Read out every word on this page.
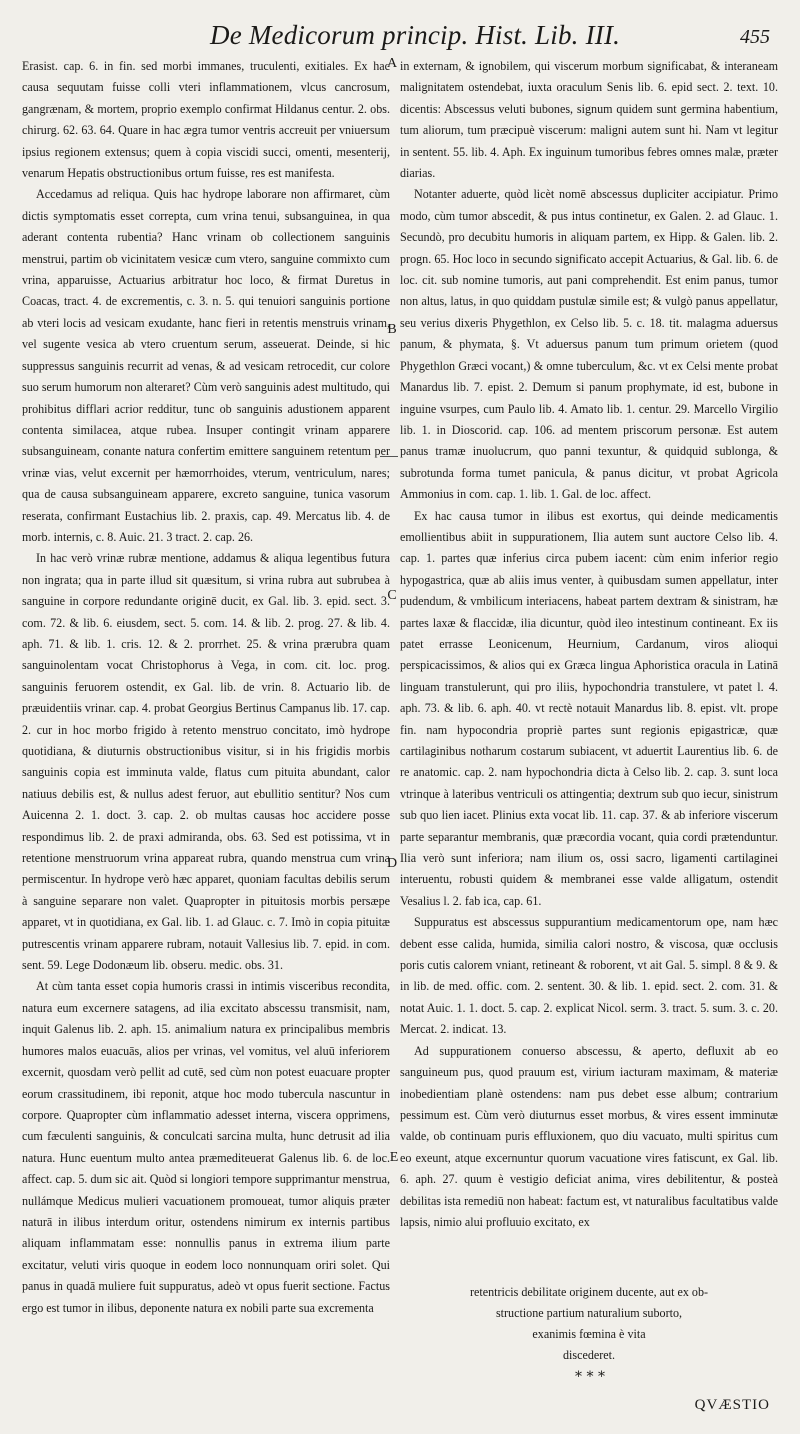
De Medicorum princip. Hist. Lib. III.	455

Erasist. cap. 6. in fin. sed morbi immanes, truculenti, exitiales. Ex hac causa sequutam fuisse colli vteri inflammationem, vlcus cancrosum, gangrænam, & mortem, proprio exemplo confirmat Hildanus centur. 2. obs. chirurg. 62. 63. 64. Quare in hac ægra tumor ventris accreuit per vniuersum ipsius regionem extensus; quem à copia viscidi succi, omenti, mesenterij, venarum Hepatis obstructionibus ortum fuisse, res est manifesta.

Accedamus ad reliqua. Quis hac hydrope laborare non affirmaret, cùm dictis symptomatis esset correpta, cum vrina tenui, subsanguinea, in qua aderant contenta rubentia? Hanc vrinam ob collectionem sanguinis menstrui, partim ob vicinitatem vesicæ cum vtero, sanguine commixto cum vrina, apparuisse, Actuarius arbitratur hoc loco, & firmat Duretus in Coacas, tract. 4. de excrementis, c. 3. n. 5. qui tenuiori sanguinis portione ab vteri locis ad vesicam exudante, hanc fieri in retentis menstruis vrinam, vel sugente vesica ab vtero cruentum serum, asseuerat. Deinde, si hic suppressus sanguinis recurrit ad venas, & ad vesicam retrocedit, cur colore suo serum humorum non alteraret? Cùm verò sanguinis adest multitudo, qui prohibitus difflari acrior redditur, tunc ob sanguinis adustionem apparent contenta similacea, atque rubea. Insuper contingit vrinam apparere subsanguineam, conante natura confertim emittere sanguinem retentum per vrinæ vias, velut excernit per hæmorrhoides, vterum, ventriculum, nares; qua de causa subsanguineam apparere, excreto sanguine, tunica vasorum reserata, confirmant Eustachius lib. 2. praxis, cap. 49. Mercatus lib. 4. de morb. internis, c. 8. Auic. 21. 3 tract. 2. cap. 26.

In hac verò vrinæ rubræ mentione, addamus & aliqua legentibus futura non ingrata; qua in parte illud sit quæsitum, si vrina rubra aut subrubea à sanguine in corpore redundante originē ducit, ex Gal. lib. 3. epid. sect. 3. com. 72. & lib. 6. eiusdem, sect. 5. com. 14. & lib. 2. prog. 27. & lib. 4. aph. 71. & lib. 1. cris. 12. & 2. prorrhet. 25. & vrina prærubra quam sanguinolentam vocat Christophorus à Vega, in com. cit. loc. prog. sanguinis feruorem ostendit, ex Gal. lib. de vrin. 8. Actuario lib. de præuidentiis vrinar. cap. 4. probat Georgius Bertinus Campanus lib. 17. cap. 2. cur in hoc morbo frigido à retento menstruo concitato, imò hydrope quotidiana, & diuturnis obstructionibus visitur, si in his frigidis morbis sanguinis copia est imminuta valde, flatus cum pituita abundant, calor natiuus debilis est, & nullus adest feruor, aut ebullitio sentitur? Nos cum Auicenna 2. 1. doct. 3. cap. 2. ob multas causas hoc accidere posse respondimus lib. 2. de praxi admiranda, obs. 63. Sed est potissima, vt in retentione menstruorum vrina appareat rubra, quando menstrua cum vrina permiscentur. In hydrope verò hæc apparet, quoniam facultas debilis serum à sanguine separare non valet. Quapropter in pituitosis morbis persæpe apparet, vt in quotidiana, ex Gal. lib. 1. ad Glauc. c. 7. Imò in copia pituitæ putrescentis vrinam apparere rubram, notauit Vallesius lib. 7. epid. in com. sent. 59. Lege Dodonæum lib. obseru. medic. obs. 31.

At cùm tanta esset copia humoris crassi in intimis visceribus recondita, natura eum excernere satagens, ad ilia excitato abscessu transmisit, nam, inquit Galenus lib. 2. aph. 15. animalium natura ex principalibus membris humores malos euacuās, alios per vrinas, vel vomitus, vel aluū inferiorem excernit, quosdam verò pellit ad cutē, sed cùm non potest euacuare propter eorum crassitudinem, ibi reponit, atque hoc modo tubercula nascuntur in corpore. Quapropter cùm inflammatio adesset interna, viscera opprimens, cum fæculenti sanguinis, & conculcati sarcina multa, hunc detrusit ad ilia natura. Hunc euentum multo antea præmediteuerat Galenus lib. 6. de loc. affect. cap. 5. dum sic ait. Quòd si longiori tempore supprimantur menstrua, nullámque Medicus mulieri vacuationem promoueat, tumor aliquis præter naturā in ilibus interdum oritur, ostendens nimirum ex internis partibus aliquam inflammatam esse: nonnullis panus in extrema ilium parte excitatur, veluti viris quoque in eodem loco nonnunquam oriri solet. Qui panus in quadā muliere fuit suppuratus, adeò vt opus fuerit sectione. Factus ergo est tumor in ilibus, deponente natura ex nobili parte sua excrementa

A
B
C
D
E

in externam, & ignobilem, qui viscerum morbum significabat, & interaneam malignitatem ostendebat, iuxta oraculum Senis lib. 6. epid sect. 2. text. 10. dicentis: Abscessus veluti bubones, signum quidem sunt germina habentium, tum aliorum, tum præcipuè viscerum: maligni autem sunt hi. Nam vt legitur in sentent. 55. lib. 4. Aph. Ex inguinum tumoribus febres omnes malæ, præter diarias.

Notanter aduerte, quòd licèt nomē abscessus dupliciter accipiatur. Primo modo, cùm tumor abscedit, & pus intus continetur, ex Galen. 2. ad Glauc. 1. Secundò, pro decubitu humoris in aliquam partem, ex Hipp. & Galen. lib. 2. progn. 65. Hoc loco in secundo significato accepit Actuarius, & Gal. lib. 6. de loc. cit. sub nomine tumoris, aut pani comprehendit. Est enim panus, tumor non altus, latus, in quo quiddam pustulæ simile est; & vulgò panus appellatur, seu verius dixeris Phygethlon, ex Celso lib. 5. c. 18. tit. malagma aduersus panum, & phymata, §. Vt aduersus panum tum primum orietem (quod Phygethlon Græci vocant,) & omne tuberculum, &c. vt ex Celsi mente probat Manardus lib. 7. epist. 2. Demum si panum prophymate, id est, bubone in inguine vsurpes, cum Paulo lib. 4. Amato lib. 1. centur. 29. Marcello Virgilio lib. 1. in Dioscorid. cap. 106. ad mentem priscorum personæ. Est autem panus tramæ inuolucrum, quo panni texuntur, & quidquid sublonga, & subrotunda forma tumet panicula, & panus dicitur, vt probat Agricola Ammonius in com. cap. 1. lib. 1. Gal. de loc. affect.

Ex hac causa tumor in ilibus est exortus, qui deinde medicamentis emollientibus abiit in suppurationem, Ilia autem sunt auctore Celso lib. 4. cap. 1. partes quæ inferius circa pubem iacent: cùm enim inferior regio hypogastrica, quæ ab aliis imus venter, à quibusdam sumen appellatur, inter pudendum, & vmbilicum interiacens, habeat partem dextram & sinistram, hæ partes laxæ & flaccidæ, ilia dicuntur, quòd ileo intestinum contineant. Ex iis patet errasse Leonicenum, Heurnium, Cardanum, viros alioqui perspicacissimos, & alios qui ex Græca lingua Aphoristica oracula in Latinā linguam transtulerunt, qui pro iliis, hypochondria transtulere, vt patet l. 4. aph. 73. & lib. 6. aph. 40. vt rectè notauit Manardus lib. 8. epist. vlt. prope fin. nam hypocondria propriè partes sunt regionis epigastricæ, quæ cartilaginibus notharum costarum subiacent, vt aduertit Laurentius lib. 6. de re anatomic. cap. 2. nam hypochondria dicta à Celso lib. 2. cap. 3. sunt loca vtrinque à lateribus ventriculi os attingentia; dextrum sub quo iecur, sinistrum sub quo lien iacet. Plinius exta vocat lib. 11. cap. 37. & ab inferiore viscerum parte separantur membranis, quæ præcordia vocant, quia cordi prætenduntur. Ilia verò sunt inferiora; nam ilium os, ossi sacro, ligamenti cartilaginei interuentu, robusti quidem & membranei esse valde alligatum, ostendit Vesalius l. 2. fab ica, cap. 61.

Suppuratus est abscessus suppurantium medicamentorum ope, nam hæc debent esse calida, humida, similia calori nostro, & viscosa, quæ occlusis poris cutis calorem vniant, retineant & roborent, vt ait Gal. 5. simpl. 8 & 9. & in lib. de med. offic. com. 2. sentent. 30. & lib. 1. epid. sect. 2. com. 31. & notat Auic. 1. 1. doct. 5. cap. 2. explicat Nicol. serm. 3. tract. 5. sum. 3. c. 20. Mercat. 2. indicat. 13.

Ad suppurationem conuerso abscessu, & aperto, defluxit ab eo sanguineum pus, quod prauum est, virium iacturam maximam, & materiæ inobedientiam planè ostendens: nam pus debet esse album; contrarium pessimum est. Cùm verò diuturnus esset morbus, & vires essent imminutæ valde, ob continuam puris effluxionem, quo diu vacuato, multi spiritus cum eo exeunt, atque excernuntur quorum vacuatione vires fatiscunt, ex Gal. lib. 6. aph. 27. quum è vestigio deficiat anima, vires debilitentur, & posteà debilitas ista remediū non habeat: factum est, vt naturalibus facultatibus valde lapsis, nimio alui profluuio excitato, ex

retentricis debilitate originem ducente, aut ex ob-
structione partium naturalium suborto,
exanimis fœmina è vita
discederet.
* * *
QVÆSTIO
